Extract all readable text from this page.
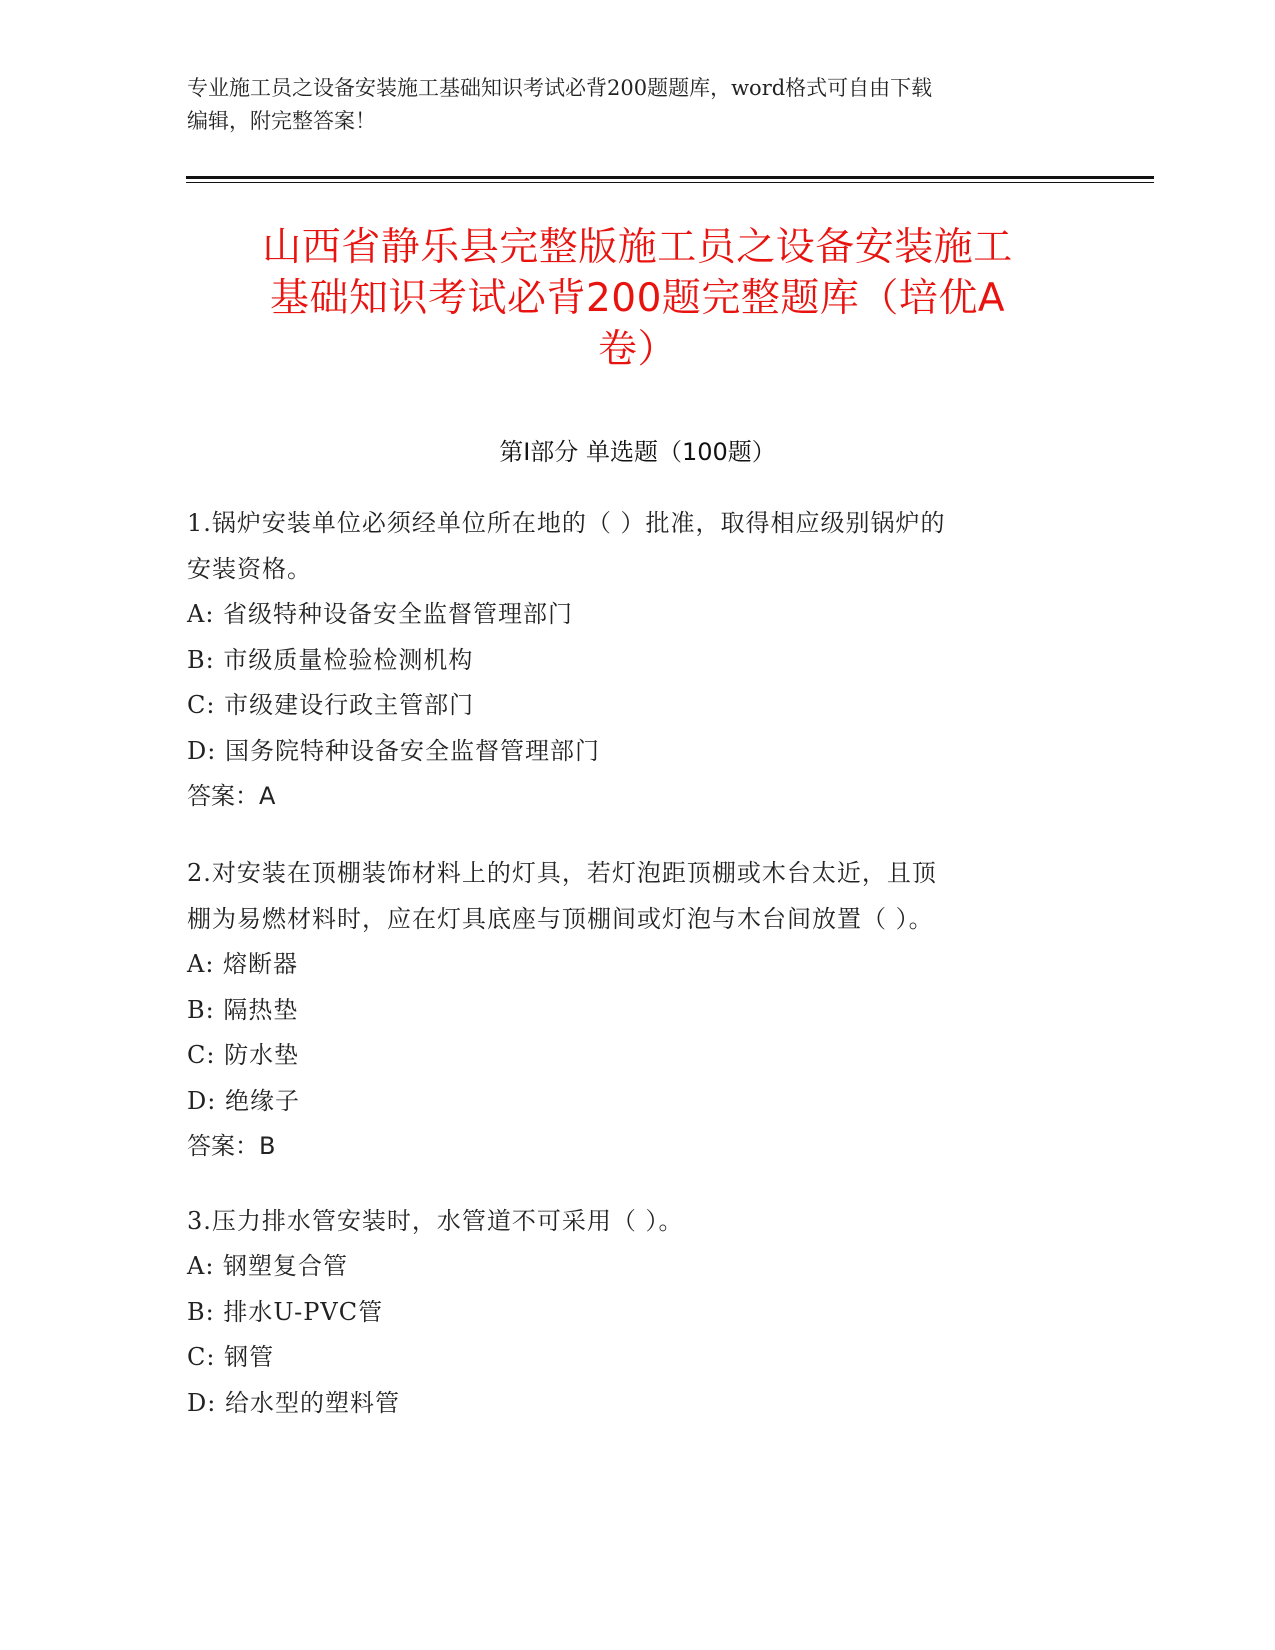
专业施工员之设备安装施工基础知识考试必背200题题库，word格式可自由下载
编辑，附完整答案！
山西省静乐县完整版施工员之设备安装施工
基础知识考试必背200题完整题库（培优A
卷）
第I部分 单选题（100题）
1.锅炉安装单位必须经单位所在地的（ ）批准，取得相应级别锅炉的
安装资格。
A: 省级特种设备安全监督管理部门
B: 市级质量检验检测机构
C: 市级建设行政主管部门
D: 国务院特种设备安全监督管理部门
答案：A
2.对安装在顶棚装饰材料上的灯具，若灯泡距顶棚或木台太近，且顶
棚为易燃材料时，应在灯具底座与顶棚间或灯泡与木台间放置（ ）。
A: 熔断器
B: 隔热垫
C: 防水垫
D: 绝缘子
答案：B
3.压力排水管安装时，水管道不可采用（ ）。
A: 钢塑复合管
B: 排水U-PVC管
C: 钢管
D: 给水型的塑料管
